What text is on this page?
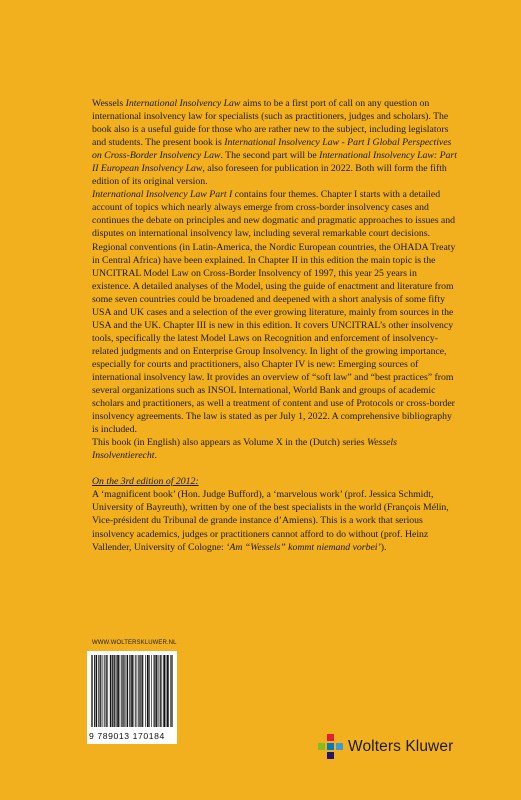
Wessels International Insolvency Law aims to be a first port of call on any question on international insolvency law for specialists (such as practitioners, judges and scholars). The book also is a useful guide for those who are rather new to the subject, including legislators and students. The present book is International Insolvency Law - Part I Global Perspectives on Cross-Border Insolvency Law. The second part will be International Insolvency Law: Part II European Insolvency Law, also foreseen for publication in 2022. Both will form the fifth edition of its original version.

International Insolvency Law Part I contains four themes. Chapter I starts with a detailed account of topics which nearly always emerge from cross-border insolvency cases and continues the debate on principles and new dogmatic and pragmatic approaches to issues and disputes on international insolvency law, including several remarkable court decisions. Regional conventions (in Latin-America, the Nordic European countries, the OHADA Treaty in Central Africa) have been explained. In Chapter II in this edition the main topic is the UNCITRAL Model Law on Cross-Border Insolvency of 1997, this year 25 years in existence. A detailed analyses of the Model, using the guide of enactment and literature from some seven countries could be broadened and deepened with a short analysis of some fifty USA and UK cases and a selection of the ever growing literature, mainly from sources in the USA and the UK. Chapter III is new in this edition. It covers UNCITRAL’s other insolvency tools, specifically the latest Model Laws on Recognition and enforcement of insolvency-related judgments and on Enterprise Group Insolvency. In light of the growing importance, especially for courts and practitioners, also Chapter IV is new: Emerging sources of international insolvency law. It provides an overview of “soft law” and “best practices” from several organizations such as INSOL International, World Bank and groups of academic scholars and practitioners, as well a treatment of content and use of Protocols or cross-border insolvency agreements. The law is stated as per July 1, 2022. A comprehensive bibliography is included.

This book (in English) also appears as Volume X in the (Dutch) series Wessels Insolventierecht.

On the 3rd edition of 2012:

A ‘magnificent book’ (Hon. Judge Bufford), a ‘marvelous work’ (prof. Jessica Schmidt, University of Bayreuth), written by one of the best specialists in the world (François Mélin, Vice-président du Tribunal de grande instance d’Amiens). This is a work that serious insolvency academics, judges or practitioners cannot afford to do without (prof. Heinz Vallender, University of Cologne: ‘Am “Wessels” kommt niemand vorbei’).

WWW.WOLTERSKLUWER.NL
9 789013 170184
Wolters Kluwer
